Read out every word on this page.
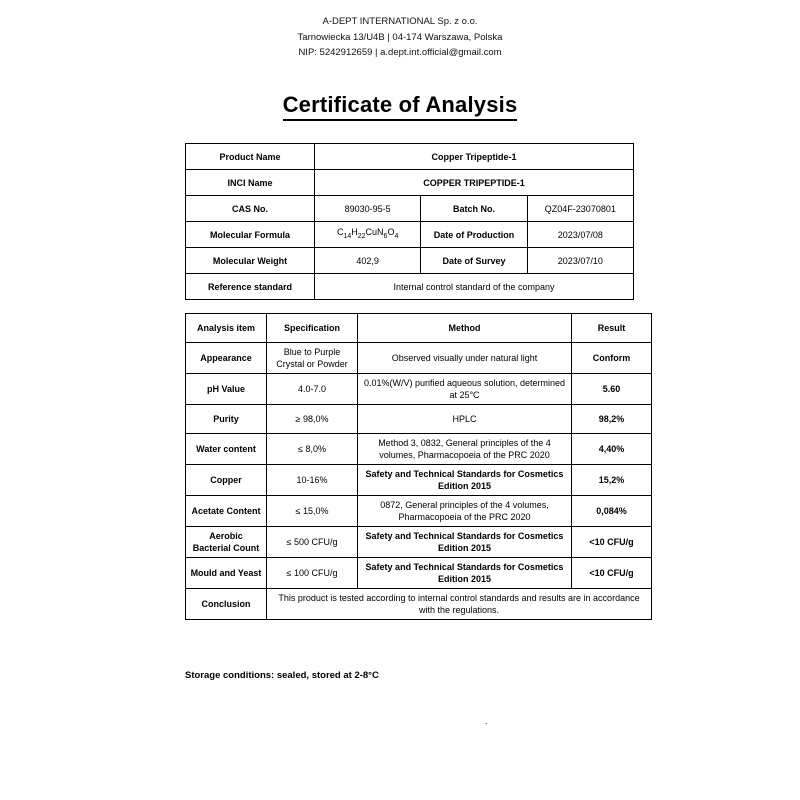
A-DEPT INTERNATIONAL Sp. z o.o.
Tarnowiecka 13/U4B | 04-174 Warszawa, Polska
NIP: 5242912659 | a.dept.int.official@gmail.com
Certificate of Analysis
Product Name	Copper Tripeptide-1		
INCI Name	COPPER TRIPEPTIDE-1		
CAS No.	89030-95-5	Batch No.	QZ04F-23070801
Molecular Formula	$C_{14}H_{22}CuN_6O_4$	Date of Production	2023/07/08
Molecular Weight	402,9	Date of Survey	2023/07/10
Reference standard	Internal control standard of the company		
Analysis item	Specification	Method	Result
Appearance	Blue to Purple Crystal or Powder	Observed visually under natural light	Conform
pH Value	4.0-7.0	0.01%(W/V) purified aqueous solution, determined at 25°C	5.60
Purity	≥ 98,0%	HPLC	98,2%
Water content	≤ 8,0%	Method 3, 0832, General principles of the 4 volumes, Pharmacopoeia of the PRC 2020	4,40%
Copper	10-16%	Safety and Technical Standards for Cosmetics Edition 2015	15,2%
Acetate Content	≤ 15,0%	0872, General principles of the 4 volumes, Pharmacopoeia of the PRC 2020	0,084%
Aerobic Bacterial Count	≤ 500 CFU/g	Safety and Technical Standards for Cosmetics Edition 2015	<10 CFU/g
Mould and Yeast	≤ 100 CFU/g	Safety and Technical Standards for Cosmetics Edition 2015	<10 CFU/g
Conclusion	This product is tested according to internal control standards and results are in accordance with the regulations.		
Storage conditions: sealed, stored at 2-8°C
.
